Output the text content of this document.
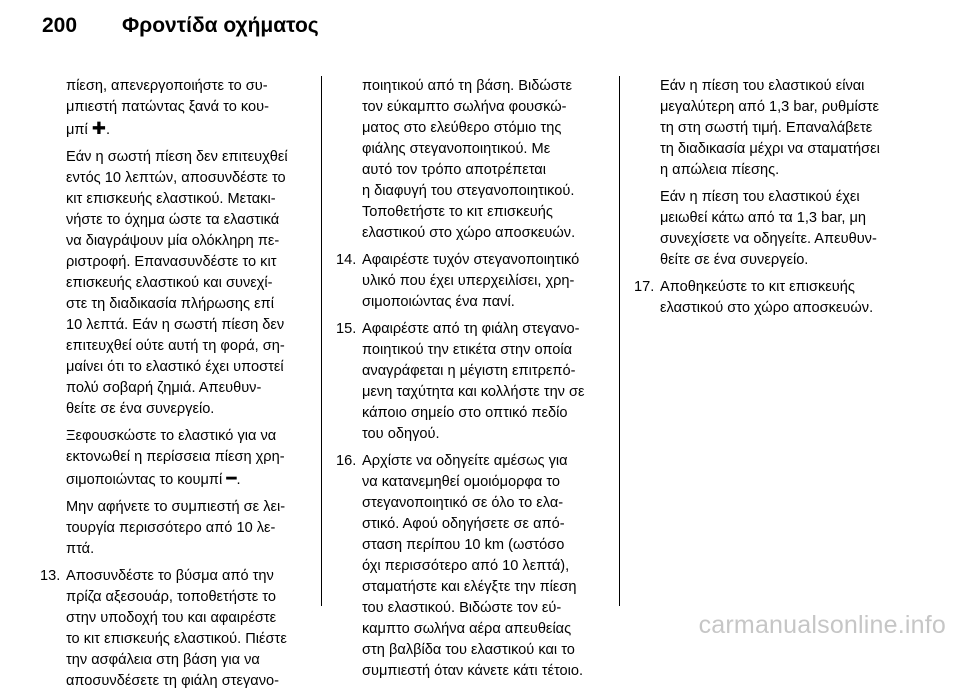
200	Φροντίδα οχήματος
πίεση, απενεργοποιήστε το συ-
μπιεστή πατώντας ξανά το κου-
μπί ✚.
Εάν η σωστή πίεση δεν επιτευχθεί
εντός 10 λεπτών, αποσυνδέστε το
κιτ επισκευής ελαστικού. Μετακι-
νήστε το όχημα ώστε τα ελαστικά
να διαγράψουν μία ολόκληρη πε-
ριστροφή. Επανασυνδέστε το κιτ
επισκευής ελαστικού και συνεχί-
στε τη διαδικασία πλήρωσης επί
10 λεπτά. Εάν η σωστή πίεση δεν
επιτευχθεί ούτε αυτή τη φορά, ση-
μαίνει ότι το ελαστικό έχει υποστεί
πολύ σοβαρή ζημιά. Απευθυν-
θείτε σε ένα συνεργείο.
Ξεφουσκώστε το ελαστικό για να
εκτονωθεί η περίσσεια πίεση χρη-
σιμοποιώντας το κουμπί ━.
Μην αφήνετε το συμπιεστή σε λει-
τουργία περισσότερο από 10 λε-
πτά.
13. Αποσυνδέστε το βύσμα από την
πρίζα αξεσουάρ, τοποθετήστε το
στην υποδοχή του και αφαιρέστε
το κιτ επισκευής ελαστικού. Πιέστε
την ασφάλεια στη βάση για να
αποσυνδέσετε τη φιάλη στεγανο-
ποιητικού από τη βάση. Βιδώστε
τον εύκαμπτο σωλήνα φουσκώ-
ματος στο ελεύθερο στόμιο της
φιάλης στεγανοποιητικού. Με
αυτό τον τρόπο αποτρέπεται
η διαφυγή του στεγανοποιητικού.
Τοποθετήστε το κιτ επισκευής
ελαστικού στο χώρο αποσκευών.
14. Αφαιρέστε τυχόν στεγανοποιητικό
υλικό που έχει υπερχειλίσει, χρη-
σιμοποιώντας ένα πανί.
15. Αφαιρέστε από τη φιάλη στεγανο-
ποιητικού την ετικέτα στην οποία
αναγράφεται η μέγιστη επιτρεπό-
μενη ταχύτητα και κολλήστε την σε
κάποιο σημείο στο οπτικό πεδίο
του οδηγού.
16. Αρχίστε να οδηγείτε αμέσως για
να κατανεμηθεί ομοιόμορφα το
στεγανοποιητικό σε όλο το ελα-
στικό. Αφού οδηγήσετε σε από-
σταση περίπου 10 km (ωστόσο
όχι περισσότερο από 10 λεπτά),
σταματήστε και ελέγξτε την πίεση
του ελαστικού. Βιδώστε τον εύ-
καμπτο σωλήνα αέρα απευθείας
στη βαλβίδα του ελαστικού και το
συμπιεστή όταν κάνετε κάτι τέτοιο.
Εάν η πίεση του ελαστικού είναι
μεγαλύτερη από 1,3 bar, ρυθμίστε
τη στη σωστή τιμή. Επαναλάβετε
τη διαδικασία μέχρι να σταματήσει
η απώλεια πίεσης.
Εάν η πίεση του ελαστικού έχει
μειωθεί κάτω από τα 1,3 bar, μη
συνεχίσετε να οδηγείτε. Απευθυν-
θείτε σε ένα συνεργείο.
17. Αποθηκεύστε το κιτ επισκευής
ελαστικού στο χώρο αποσκευών.
carmanualsonline.info
